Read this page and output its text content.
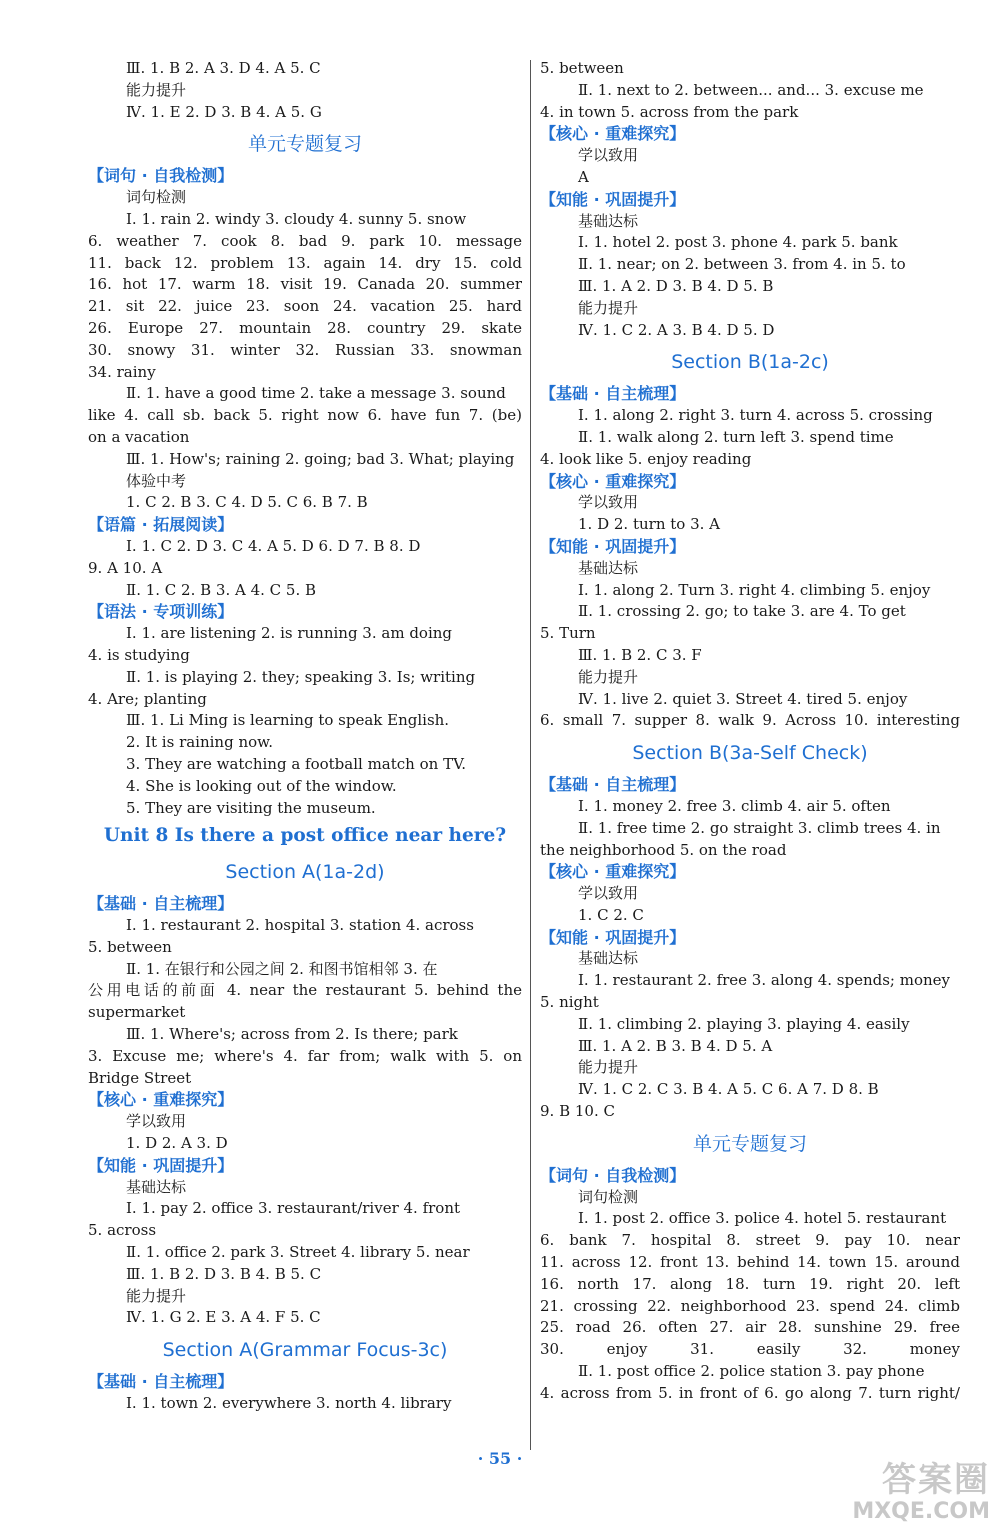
Ⅲ. 1. B 2. A 3. D 4. A 5. C
能力提升
Ⅳ. 1. E 2. D 3. B 4. A 5. G
单元专题复习
【词句 · 自我检测】
词句检测
Ⅰ. 1. rain 2. windy 3. cloudy 4. sunny 5. snow
6. weather 7. cook 8. bad 9. park 10. message
11. back 12. problem 13. again 14. dry 15. cold
16. hot 17. warm 18. visit 19. Canada 20. summer
21. sit 22. juice 23. soon 24. vacation 25. hard
26. Europe 27. mountain 28. country 29. skate
30. snowy 31. winter 32. Russian 33. snowman
34. rainy
Ⅱ. 1. have a good time 2. take a message 3. sound
like 4. call sb. back 5. right now 6. have fun 7. (be)
on a vacation
Ⅲ. 1. How's; raining 2. going; bad 3. What; playing
体验中考
1. C 2. B 3. C 4. D 5. C 6. B 7. B
【语篇 · 拓展阅读】
Ⅰ. 1. C 2. D 3. C 4. A 5. D 6. D 7. B 8. D
9. A 10. A
Ⅱ. 1. C 2. B 3. A 4. C 5. B
【语法 · 专项训练】
Ⅰ. 1. are listening 2. is running 3. am doing
4. is studying
Ⅱ. 1. is playing 2. they; speaking 3. Is; writing
4. Are; planting
Ⅲ. 1. Li Ming is learning to speak English.
2. It is raining now.
3. They are watching a football match on TV.
4. She is looking out of the window.
5. They are visiting the museum.
Unit 8 Is there a post office near here?
Section A(1a-2d)
【基础 · 自主梳理】
Ⅰ. 1. restaurant 2. hospital 3. station 4. across
5. between
Ⅱ. 1. 在银行和公园之间 2. 和图书馆相邻 3. 在
公用电话的前面 4. near the restaurant 5. behind the
supermarket
Ⅲ. 1. Where's; across from 2. Is there; park
3. Excuse me; where's 4. far from; walk with 5. on
Bridge Street
【核心 · 重难探究】
学以致用
1. D 2. A 3. D
【知能 · 巩固提升】
基础达标
Ⅰ. 1. pay 2. office 3. restaurant/river 4. front
5. across
Ⅱ. 1. office 2. park 3. Street 4. library 5. near
Ⅲ. 1. B 2. D 3. B 4. B 5. C
能力提升
Ⅳ. 1. G 2. E 3. A 4. F 5. C
Section A(Grammar Focus-3c)
【基础 · 自主梳理】
Ⅰ. 1. town 2. everywhere 3. north 4. library
5. between
Ⅱ. 1. next to 2. between... and... 3. excuse me
4. in town 5. across from the park
【核心 · 重难探究】
学以致用
A
【知能 · 巩固提升】
基础达标
Ⅰ. 1. hotel 2. post 3. phone 4. park 5. bank
Ⅱ. 1. near; on 2. between 3. from 4. in 5. to
Ⅲ. 1. A 2. D 3. B 4. D 5. B
能力提升
Ⅳ. 1. C 2. A 3. B 4. D 5. D
Section B(1a-2c)
【基础 · 自主梳理】
Ⅰ. 1. along 2. right 3. turn 4. across 5. crossing
Ⅱ. 1. walk along 2. turn left 3. spend time
4. look like 5. enjoy reading
【核心 · 重难探究】
学以致用
1. D 2. turn to 3. A
【知能 · 巩固提升】
基础达标
Ⅰ. 1. along 2. Turn 3. right 4. climbing 5. enjoy
Ⅱ. 1. crossing 2. go; to take 3. are 4. To get
5. Turn
Ⅲ. 1. B 2. C 3. F
能力提升
Ⅳ. 1. live 2. quiet 3. Street 4. tired 5. enjoy
6. small 7. supper 8. walk 9. Across 10. interesting
Section B(3a-Self Check)
【基础 · 自主梳理】
Ⅰ. 1. money 2. free 3. climb 4. air 5. often
Ⅱ. 1. free time 2. go straight 3. climb trees 4. in
the neighborhood 5. on the road
【核心 · 重难探究】
学以致用
1. C 2. C
【知能 · 巩固提升】
基础达标
Ⅰ. 1. restaurant 2. free 3. along 4. spends; money
5. night
Ⅱ. 1. climbing 2. playing 3. playing 4. easily
Ⅲ. 1. A 2. B 3. B 4. D 5. A
能力提升
Ⅳ. 1. C 2. C 3. B 4. A 5. C 6. A 7. D 8. B
9. B 10. C
单元专题复习
【词句 · 自我检测】
词句检测
Ⅰ. 1. post 2. office 3. police 4. hotel 5. restaurant
6. bank 7. hospital 8. street 9. pay 10. near
11. across 12. front 13. behind 14. town 15. around
16. north 17. along 18. turn 19. right 20. left
21. crossing 22. neighborhood 23. spend 24. climb
25. road 26. often 27. air 28. sunshine 29. free
30. enjoy 31. easily 32. money
Ⅱ. 1. post office 2. police station 3. pay phone
4. across from 5. in front of 6. go along 7. turn right/
· 55 ·
答案圈
MXQE.COM
